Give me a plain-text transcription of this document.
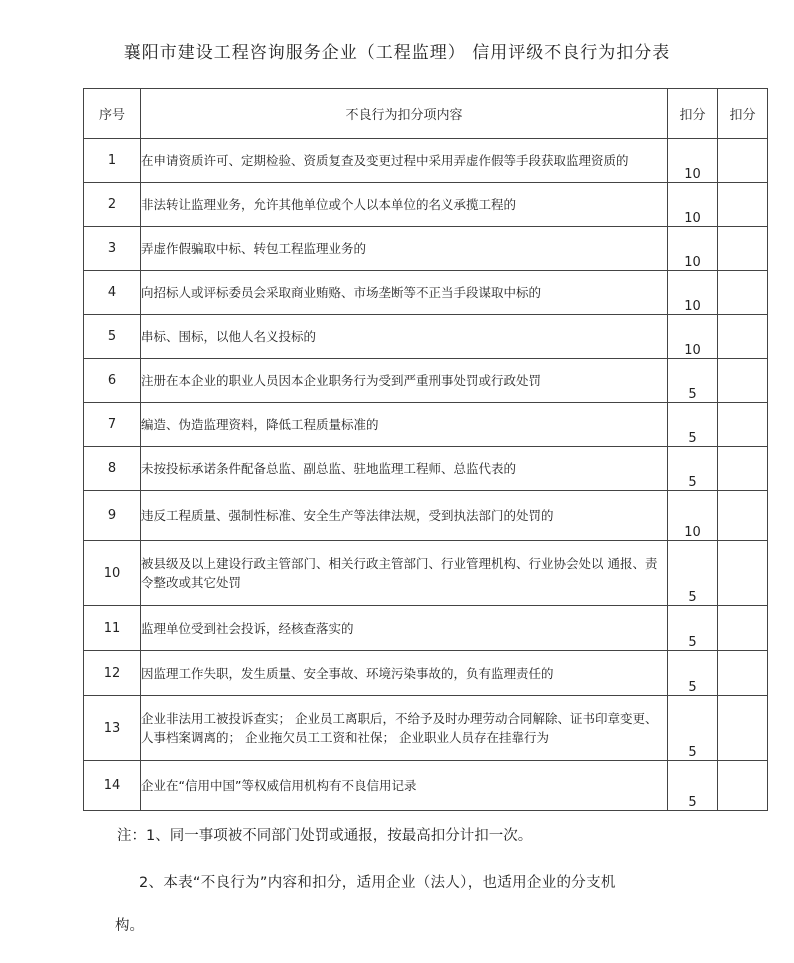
襄阳市建设工程咨询服务企业（工程监理） 信用评级不良行为扣分表
序号	不良行为扣分项内容	扣分	扣分
1	在申请资质许可、定期检验、资质复查及变更过程中采用弄虚作假等手段获取监理资质的	10	
2	非法转让监理业务，允许其他单位或个人以本单位的名义承揽工程的	10	
3	弄虚作假骗取中标、转包工程监理业务的	10	
4	向招标人或评标委员会采取商业贿赂、市场垄断等不正当手段谋取中标的	10	
5	串标、围标，以他人名义投标的	10	
6	注册在本企业的职业人员因本企业职务行为受到严重刑事处罚或行政处罚	5	
7	编造、伪造监理资料，降低工程质量标准的	5	
8	未按投标承诺条件配备总监、副总监、驻地监理工程师、总监代表的	5	
9	违反工程质量、强制性标准、安全生产等法律法规，受到执法部门的处罚的	10	
10	被县级及以上建设行政主管部门、相关行政主管部门、行业管理机构、行业协会处以 通报、责令整改或其它处罚	5	
11	监理单位受到社会投诉，经核查落实的	5	
12	因监理工作失职，发生质量、安全事故、环境污染事故的，负有监理责任的	5	
13	企业非法用工被投诉查实； 企业员工离职后，不给予及时办理劳动合同解除、证书印章变更、人事档案调离的； 企业拖欠员工工资和社保； 企业职业人员存在挂靠行为	5	
14	企业在“信用中国”等权威信用机构有不良信用记录	5	
注：1、同一事项被不同部门处罚或通报，按最高扣分计扣一次。
2、本表“不良行为”内容和扣分，适用企业（法人），也适用企业的分支机
构。
